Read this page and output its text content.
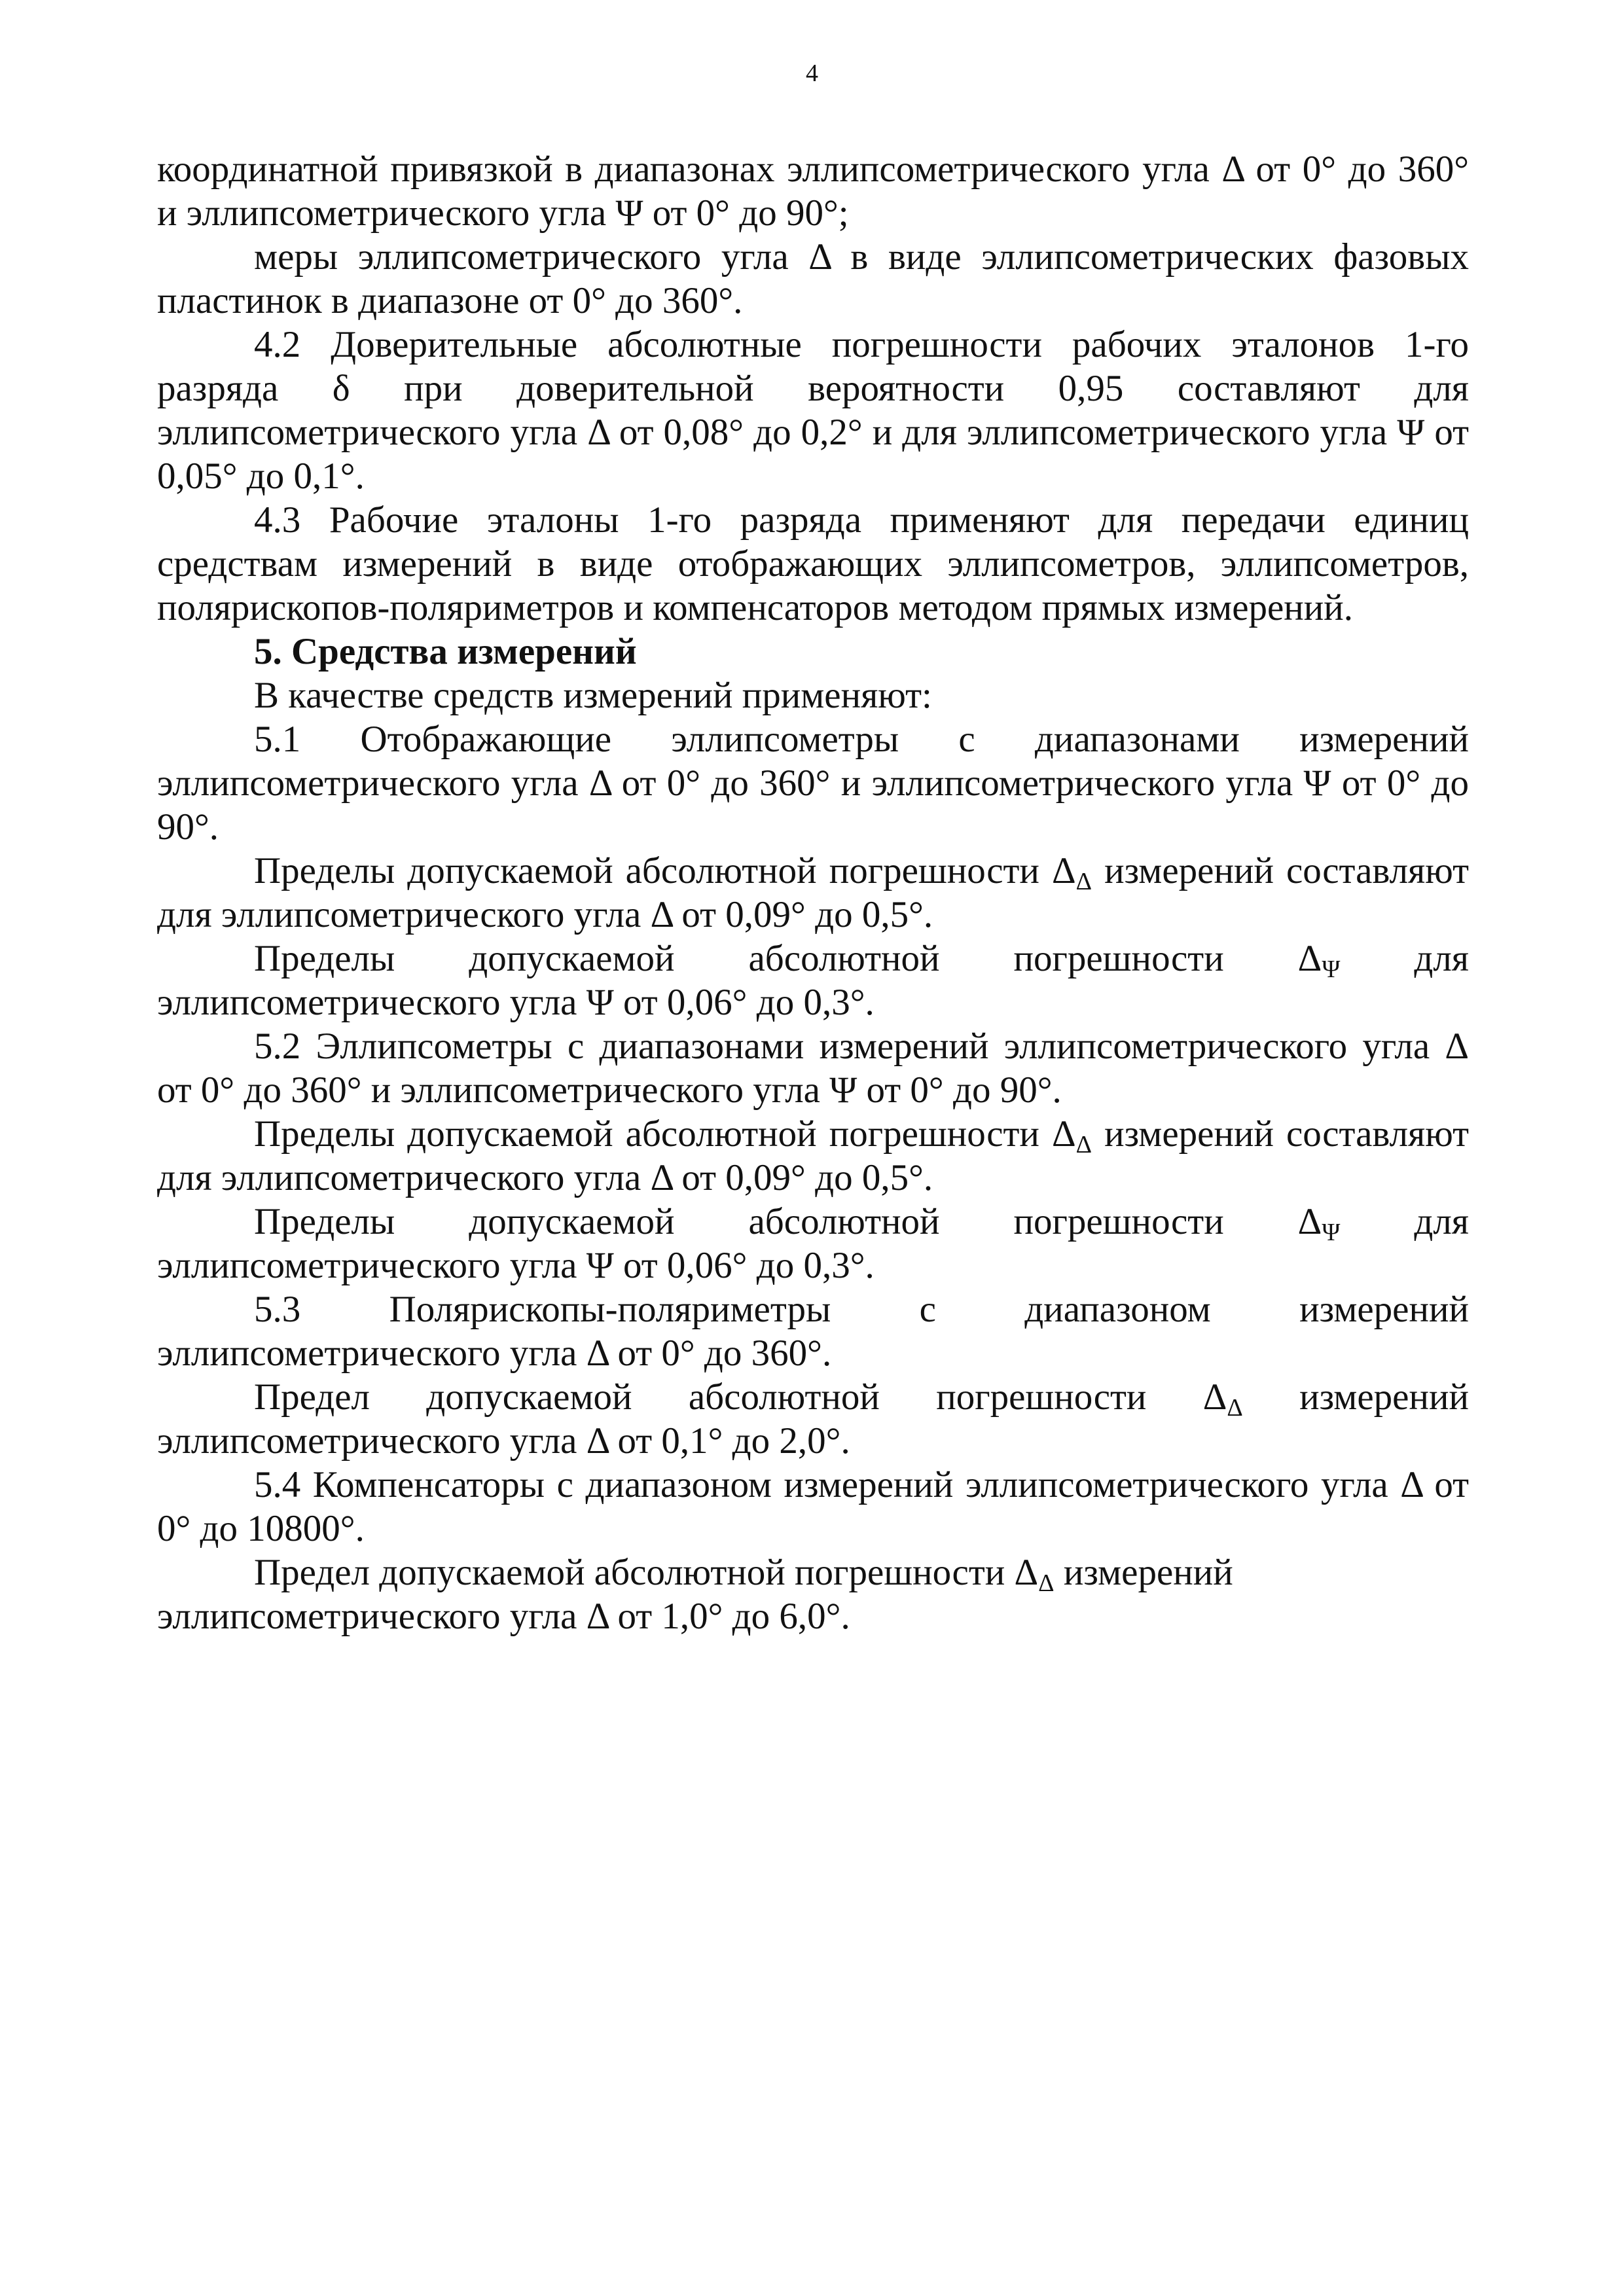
4

координатной привязкой в диапазонах эллипсометрического угла Δ от 0° до 360° и эллипсометрического угла Ψ от 0° до 90°;

меры эллипсометрического угла Δ в виде эллипсометрических фазовых пластинок в диапазоне от 0° до 360°.

4.2 Доверительные абсолютные погрешности рабочих эталонов 1-го разряда δ при доверительной вероятности 0,95 составляют для эллипсометрического угла Δ от 0,08° до 0,2° и для эллипсометрического угла Ψ от 0,05° до 0,1°.

4.3 Рабочие эталоны 1-го разряда применяют для передачи единиц средствам измерений в виде отображающих эллипсометров, эллипсометров, полярископов-поляриметров и компенсаторов методом прямых измерений.

5. Средства измерений

В качестве средств измерений применяют:

5.1 Отображающие эллипсометры с диапазонами измерений эллипсометрического угла Δ от 0° до 360° и эллипсометрического угла Ψ от 0° до 90°.

Пределы допускаемой абсолютной погрешности $\Delta_\Delta$ измерений составляют для эллипсометрического угла Δ от 0,09° до 0,5°.

Пределы допускаемой абсолютной погрешности $\Delta_\Psi$ для эллипсометрического угла Ψ от 0,06° до 0,3°.

5.2 Эллипсометры с диапазонами измерений эллипсометрического угла Δ от 0° до 360° и эллипсометрического угла Ψ от 0° до 90°.

Пределы допускаемой абсолютной погрешности $\Delta_\Delta$ измерений составляют для эллипсометрического угла Δ от 0,09° до 0,5°.

Пределы допускаемой абсолютной погрешности $\Delta_\Psi$ для эллипсометрического угла Ψ от 0,06° до 0,3°.

5.3 Полярископы-поляриметры с диапазоном измерений эллипсометрического угла Δ от 0° до 360°.

Предел допускаемой абсолютной погрешности $\Delta_\Delta$ измерений эллипсометрического угла Δ от 0,1° до 2,0°.

5.4 Компенсаторы с диапазоном измерений эллипсометрического угла Δ от 0° до 10800°.

Предел допускаемой абсолютной погрешности $\Delta_\Delta$ измерений эллипсометрического угла Δ от 1,0° до 6,0°.
